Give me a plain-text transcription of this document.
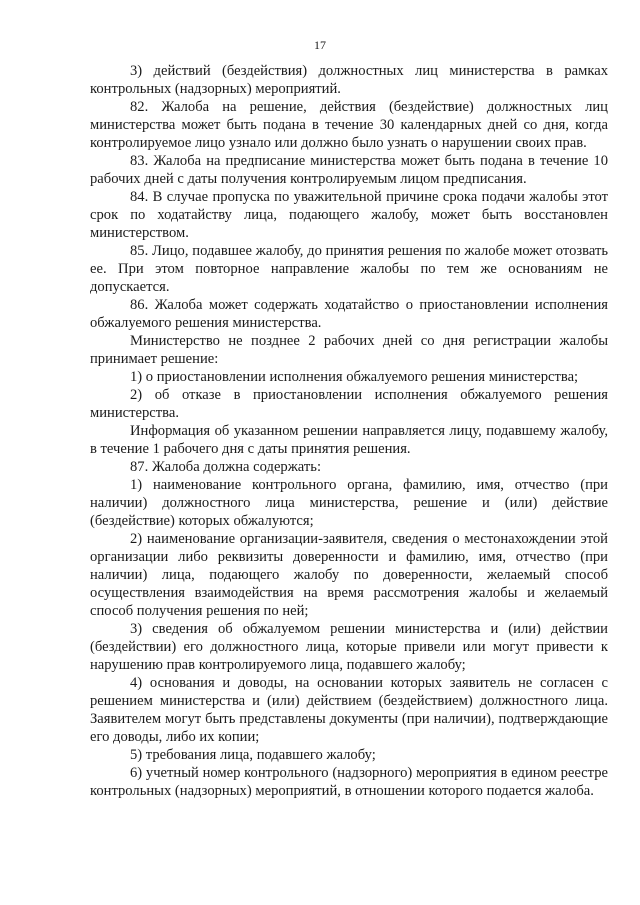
17

3) действий (бездействия) должностных лиц министерства в рамках контрольных (надзорных) мероприятий.

82. Жалоба на решение, действия (бездействие) должностных лиц министерства может быть подана в течение 30 календарных дней со дня, когда контролируемое лицо узнало или должно было узнать о нарушении своих прав.

83. Жалоба на предписание министерства может быть подана в течение 10 рабочих дней с даты получения контролируемым лицом предписания.

84. В случае пропуска по уважительной причине срока подачи жалобы этот срок по ходатайству лица, подающего жалобу, может быть восстановлен министерством.

85. Лицо, подавшее жалобу, до принятия решения по жалобе может отозвать ее. При этом повторное направление жалобы по тем же основаниям не допускается.

86. Жалоба может содержать ходатайство о приостановлении исполнения обжалуемого решения министерства.

Министерство не позднее 2 рабочих дней со дня регистрации жалобы принимает решение:

1) о приостановлении исполнения обжалуемого решения министерства;

2) об отказе в приостановлении исполнения обжалуемого решения министерства.

Информация об указанном решении направляется лицу, подавшему жалобу, в течение 1 рабочего дня с даты принятия решения.

87. Жалоба должна содержать:

1) наименование контрольного органа, фамилию, имя, отчество (при наличии) должностного лица министерства, решение и (или) действие (бездействие) которых обжалуются;

2) наименование организации-заявителя, сведения о местонахождении этой организации либо реквизиты доверенности и фамилию, имя, отчество (при наличии) лица, подающего жалобу по доверенности, желаемый способ осуществления взаимодействия на время рассмотрения жалобы и желаемый способ получения решения по ней;

3) сведения об обжалуемом решении министерства и (или) действии (бездействии) его должностного лица, которые привели или могут привести к нарушению прав контролируемого лица, подавшего жалобу;

4) основания и доводы, на основании которых заявитель не согласен с решением министерства и (или) действием (бездействием) должностного лица. Заявителем могут быть представлены документы (при наличии), подтверждающие его доводы, либо их копии;

5) требования лица, подавшего жалобу;

6) учетный номер контрольного (надзорного) мероприятия в едином реестре контрольных (надзорных) мероприятий, в отношении которого подается жалоба.
